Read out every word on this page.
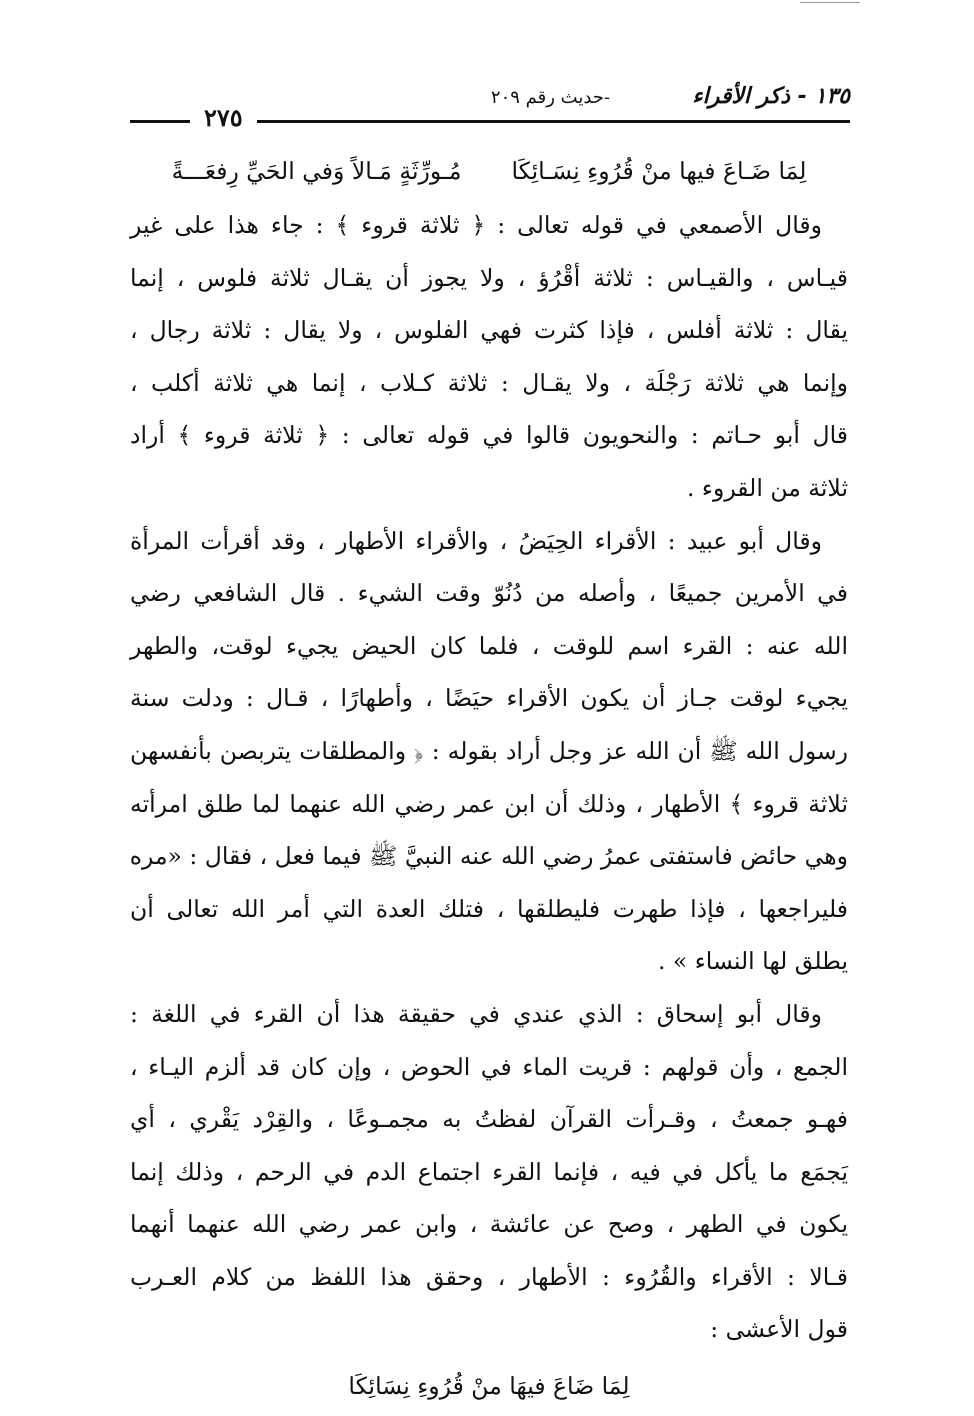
١٣٥ - ذكر الأقراء
-حديث رقم ٢٠٩
٢٧٥
لِمَا ضَـاعَ فيها منْ قُرُوءِ نِسَـائِكَامُـورِّثَةٍ مَـالاً وَفي الحَيِّ رِفعَـــةً
وقال الأصمعي في قوله تعالى : ﴿ ثلاثة قروء ﴾ : جاء هذا على غير
قيـاس ، والقيـاس : ثلاثة أقْرُؤ ، ولا يجوز أن يقـال ثلاثة فلوس ، إنما
يقال : ثلاثة أفلس ، فإذا كثرت فهي الفلوس ، ولا يقال : ثلاثة رجال ،
وإنما هي ثلاثة رَجْلَة ، ولا يقـال : ثلاثة كـلاب ، إنما هي ثلاثة أكلب ،
قال أبو حـاتم : والنحويون قالوا في قوله تعالى : ﴿ ثلاثة قروء ﴾ أراد
ثلاثة من القروء .
وقال أبو عبيد : الأقراء الحِيَضُ ، والأقراء الأطهار ، وقد أقرأت المرأة
في الأمرين جميعًا ، وأصله من دُنُوّ وقت الشيء . قال الشافعي رضي
الله عنه : القرء اسم للوقت ، فلما كان الحيض يجيء لوقت، والطهر
يجيء لوقت جـاز أن يكون الأقراء حيَضًا ، وأطهارًا ، قـال : ودلت سنة
رسول الله ﷺ أن الله عز وجل أراد بقوله : ﴿ والمطلقات يتربصن بأنفسهن
ثلاثة قروء ﴾ الأطهار ، وذلك أن ابن عمر رضي الله عنهما لما طلق امرأته
وهي حائض فاستفتى عمرُ رضي الله عنه النبيَّ ﷺ فيما فعل ، فقال : «مره
فليراجعها ، فإذا طهرت فليطلقها ، فتلك العدة التي أمر الله تعالى أن
يطلق لها النساء » .
وقال أبو إسحاق : الذي عندي في حقيقة هذا أن القرء في اللغة :
الجمع ، وأن قولهم : قريت الماء في الحوض ، وإن كان قد ألزم اليـاء ،
فهـو جمعتُ ، وقـرأت القرآن لفظتُ به مجمـوعًا ، والقِرْد يَقْري ، أي
يَجمَع ما يأكل في فيه ، فإنما القرء اجتماع الدم في الرحم ، وذلك إنما
يكون في الطهر ، وصح عن عائشة ، وابن عمر رضي الله عنهما أنهما
قـالا : الأقراء والقُرُوء : الأطهار ، وحقق هذا اللفظ من كلام العـرب
قول الأعشى :
لِمَا ضَاعَ فيهَا منْ قُرُوءِ نِسَائِكَا
